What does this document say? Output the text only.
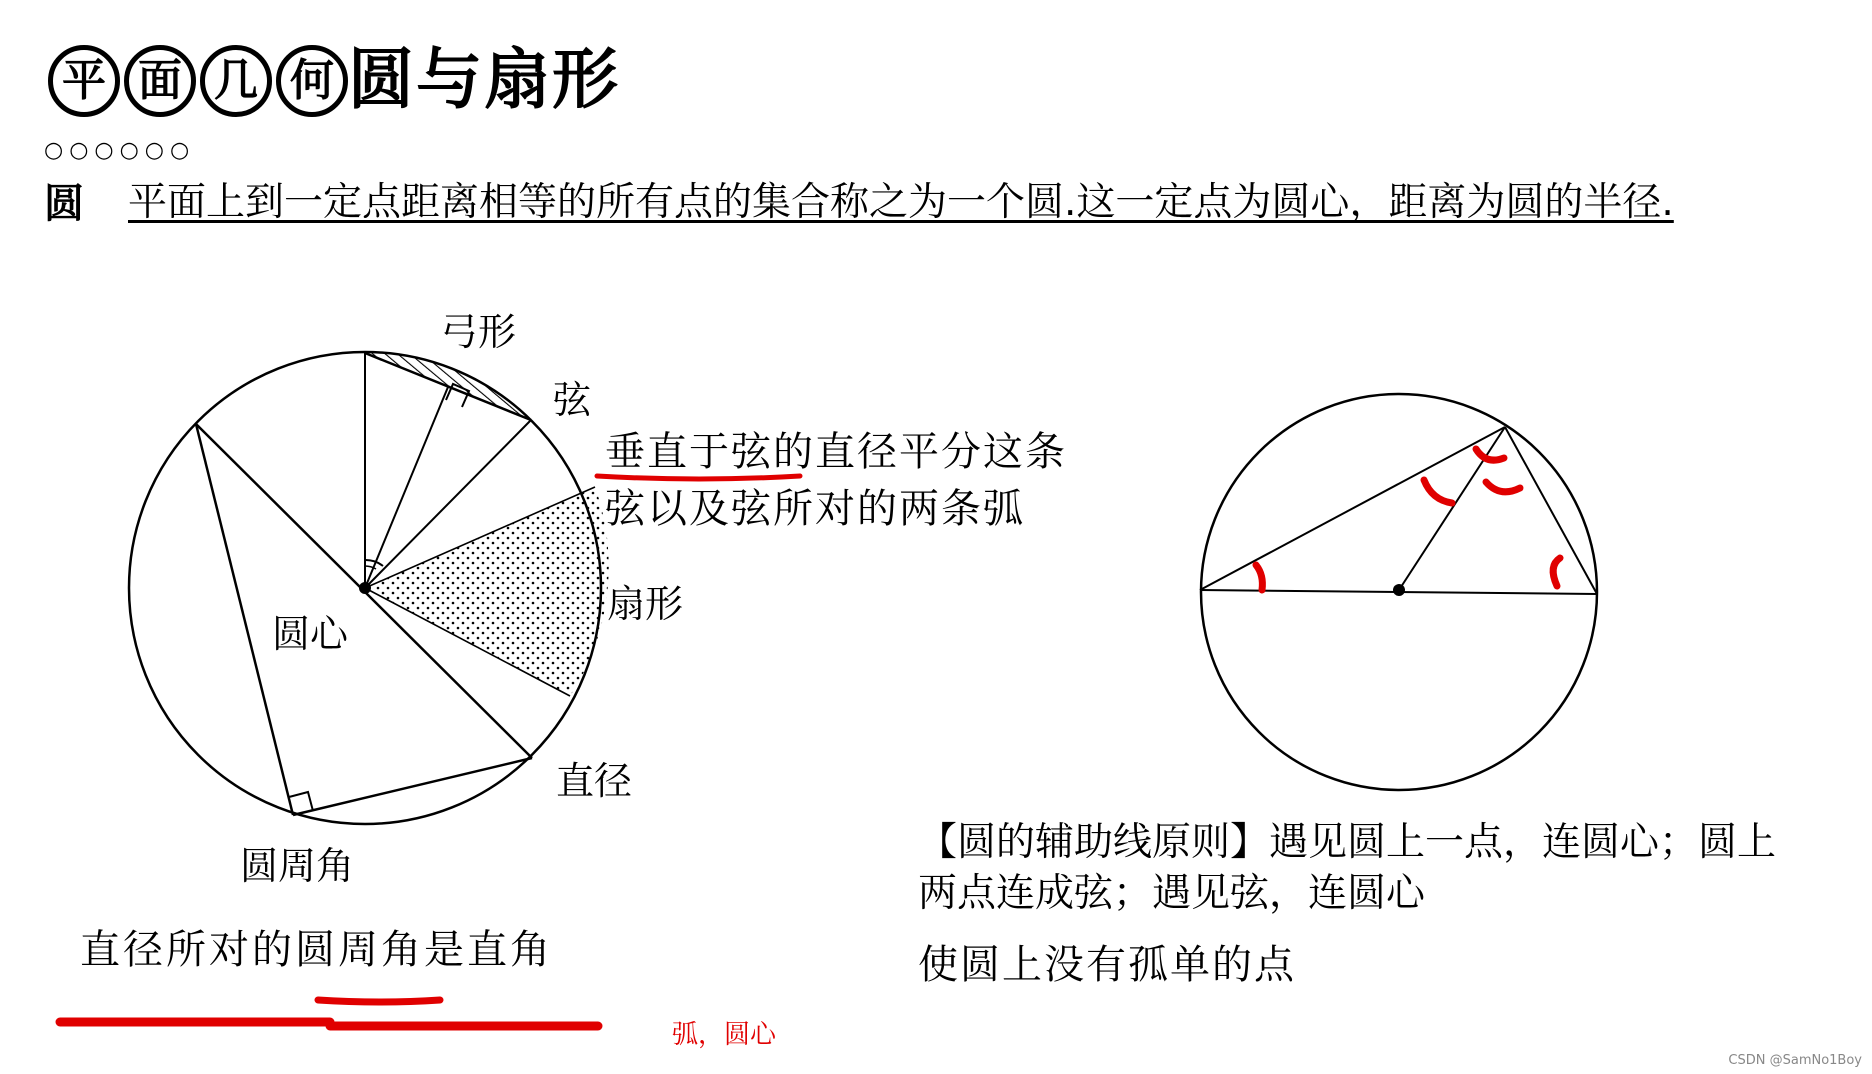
平 面 几 何 圆与扇形
○○○○○○
圆 平面上到一定点距离相等的所有点的集合称之为一个圆.这一定点为圆心，距离为圆的半径.
弓形
弦
扇形
圆心
直径
圆周角
垂直于弦的直径平分这条
弦以及弦所对的两条弧
直径所对的圆周角是直角
【圆的辅助线原则】遇见圆上一点，连圆心；圆上两点连成弦；遇见弦，连圆心
使圆上没有孤单的点
弧，圆心
CSDN @SamNo1Boy
